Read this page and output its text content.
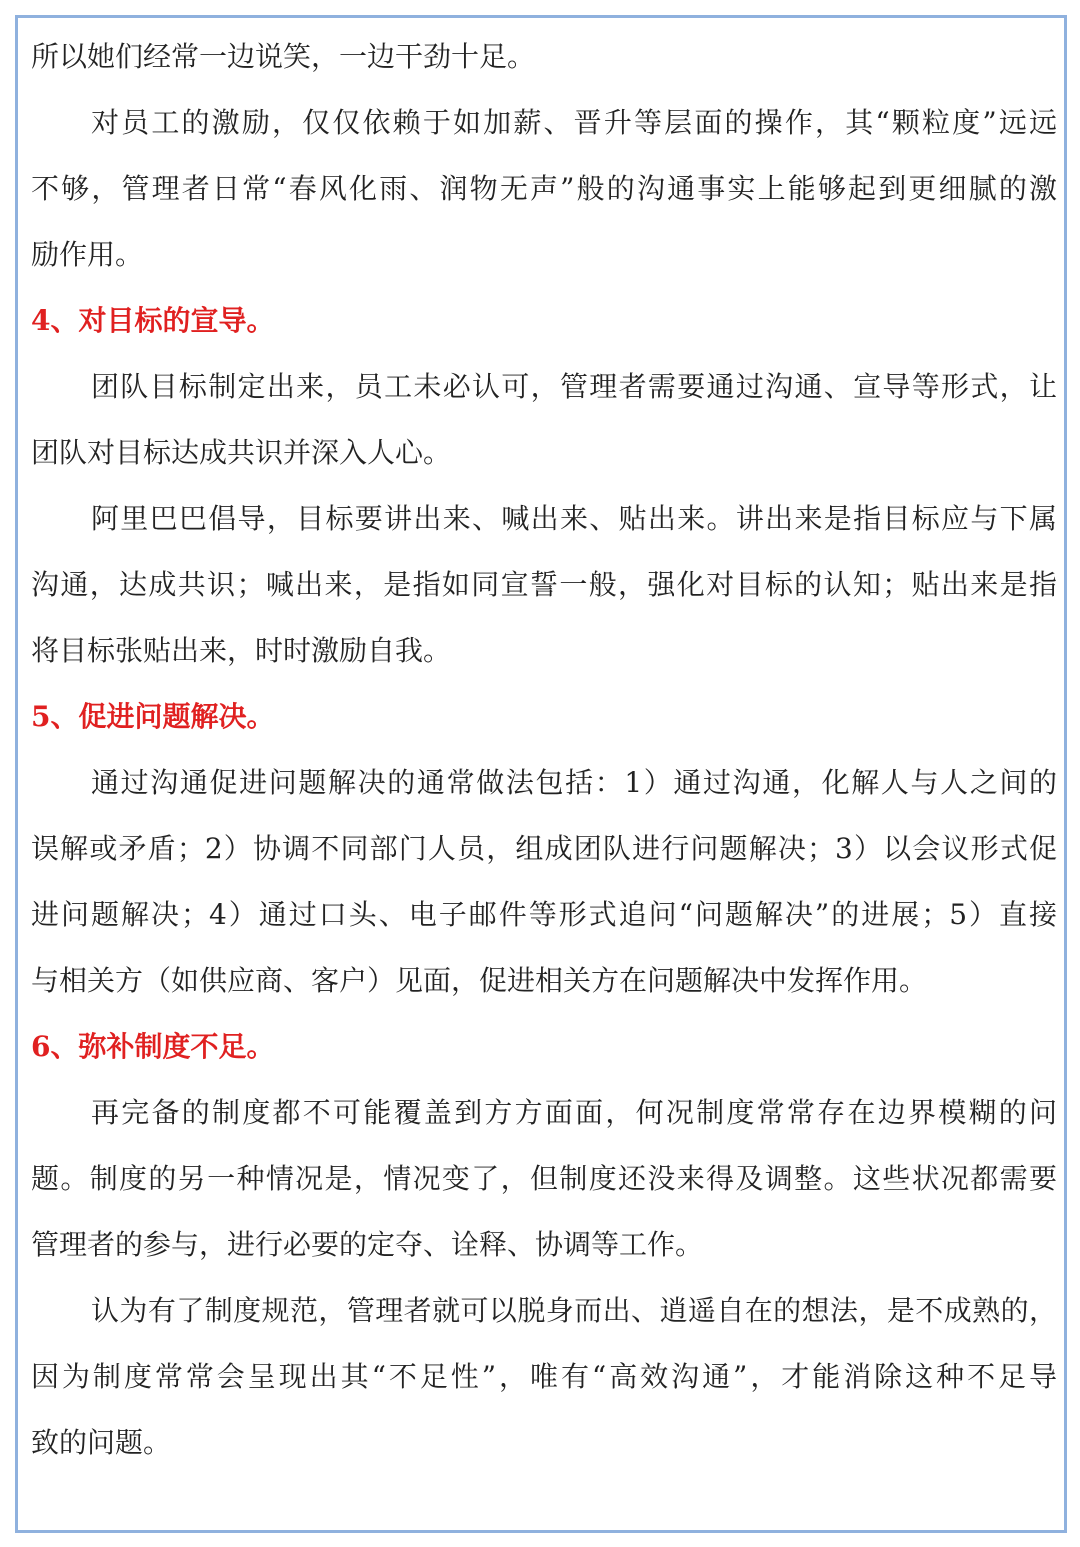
所以她们经常一边说笑，一边干劲十足。
对员工的激励，仅仅依赖于如加薪、晋升等层面的操作，其“颗粒度”远远
不够，管理者日常“春风化雨、润物无声”般的沟通事实上能够起到更细腻的激
励作用。
4、对目标的宣导。
团队目标制定出来，员工未必认可，管理者需要通过沟通、宣导等形式，让
团队对目标达成共识并深入人心。
阿里巴巴倡导，目标要讲出来、喊出来、贴出来。讲出来是指目标应与下属
沟通，达成共识；喊出来，是指如同宣誓一般，强化对目标的认知；贴出来是指
将目标张贴出来，时时激励自我。
5、促进问题解决。
通过沟通促进问题解决的通常做法包括：1）通过沟通，化解人与人之间的
误解或矛盾；2）协调不同部门人员，组成团队进行问题解决；3）以会议形式促
进问题解决；4）通过口头、电子邮件等形式追问“问题解决”的进展；5）直接
与相关方（如供应商、客户）见面，促进相关方在问题解决中发挥作用。
6、弥补制度不足。
再完备的制度都不可能覆盖到方方面面，何况制度常常存在边界模糊的问
题。制度的另一种情况是，情况变了，但制度还没来得及调整。这些状况都需要
管理者的参与，进行必要的定夺、诠释、协调等工作。
认为有了制度规范，管理者就可以脱身而出、逍遥自在的想法，是不成熟的，
因为制度常常会呈现出其“不足性”，唯有“高效沟通”，才能消除这种不足导
致的问题。
